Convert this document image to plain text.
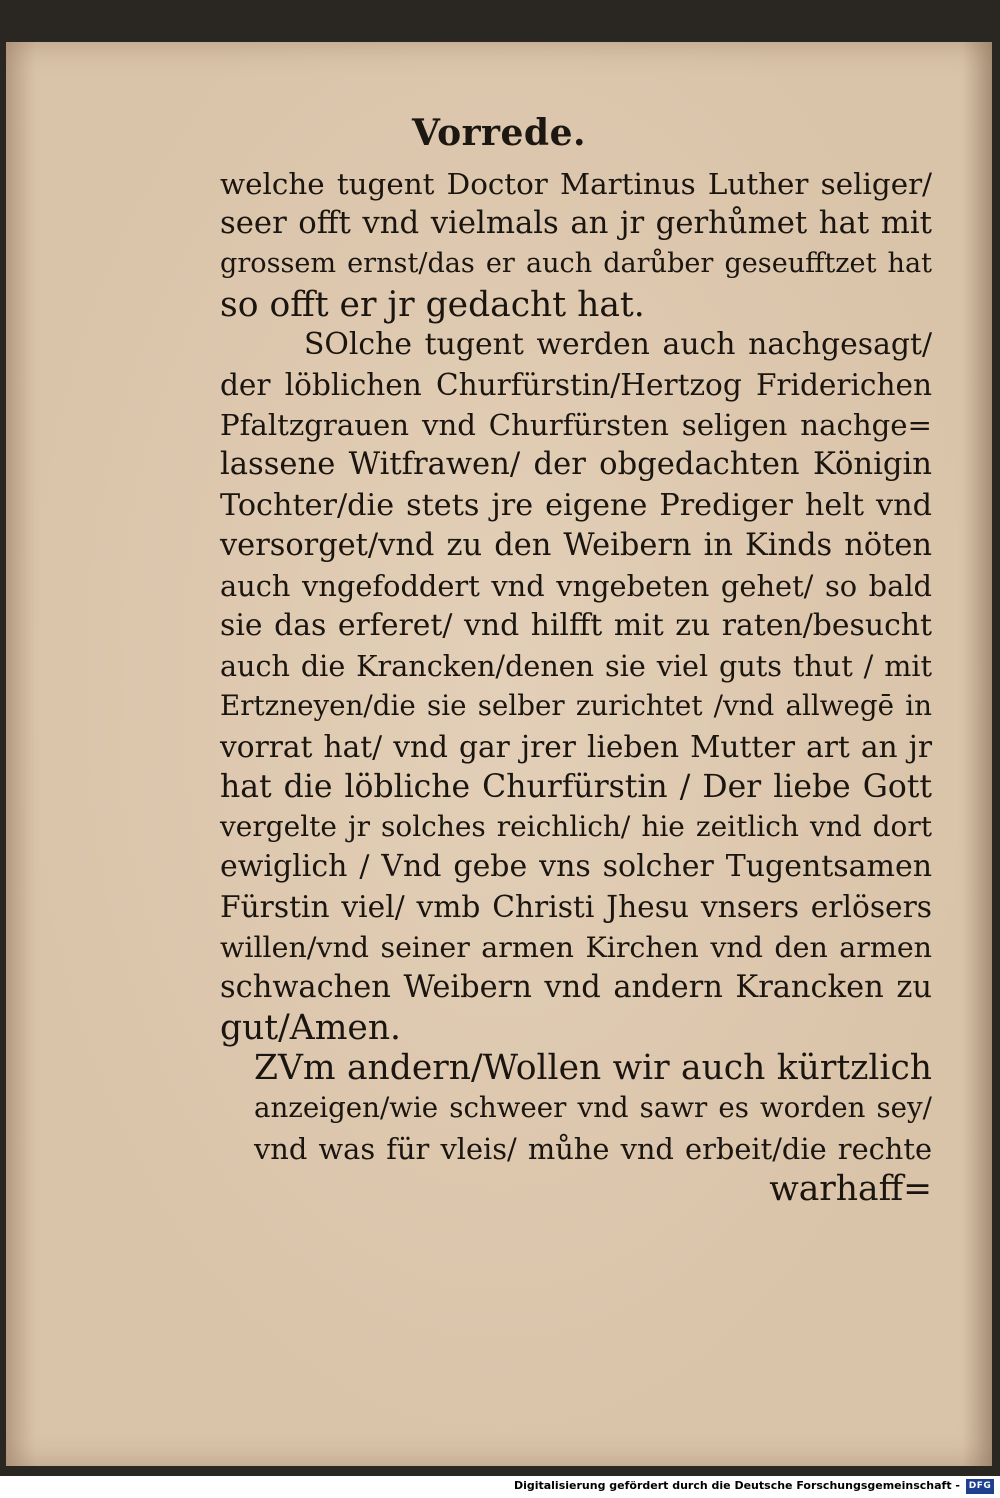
Vorrede.
welche tugent Doctor Martinus Luther seliger/
seer offt vnd vielmals an jr gerhůmet hat mit
grossem ernst/das er auch darůber geseufftzet hat
so offt er jr gedacht hat.
SOlche tugent werden auch nachgesagt/
der löblichen Churfürstin/Hertzog Friderichen
Pfaltzgrauen vnd Churfürsten seligen nachge=
lassene Witfrawen/ der obgedachten Königin
Tochter/die stets jre eigene Prediger helt vnd
versorget/vnd zu den Weibern in Kinds nöten
auch vngefoddert vnd vngebeten gehet/ so bald
sie das erferet/ vnd hilfft mit zu raten/besucht
auch die Krancken/denen sie viel guts thut / mit
Ertzneyen/die sie selber zurichtet /vnd allwegē in
vorrat hat/ vnd gar jrer lieben Mutter art an jr
hat die löbliche Churfürstin / Der liebe Gott
vergelte jr solches reichlich/ hie zeitlich vnd dort
ewiglich / Vnd gebe vns solcher Tugentsamen
Fürstin viel/ vmb Christi Jhesu vnsers erlösers
willen/vnd seiner armen Kirchen vnd den armen
schwachen Weibern vnd andern Krancken zu
gut/Amen.
ZVm andern/Wollen wir auch kürtzlich
anzeigen/wie schweer vnd sawr es worden sey/
vnd was für vleis/ můhe vnd erbeit/die rechte
warhaff=
Digitalisierung gefördert durch die Deutsche Forschungsgemeinschaft - DFG
